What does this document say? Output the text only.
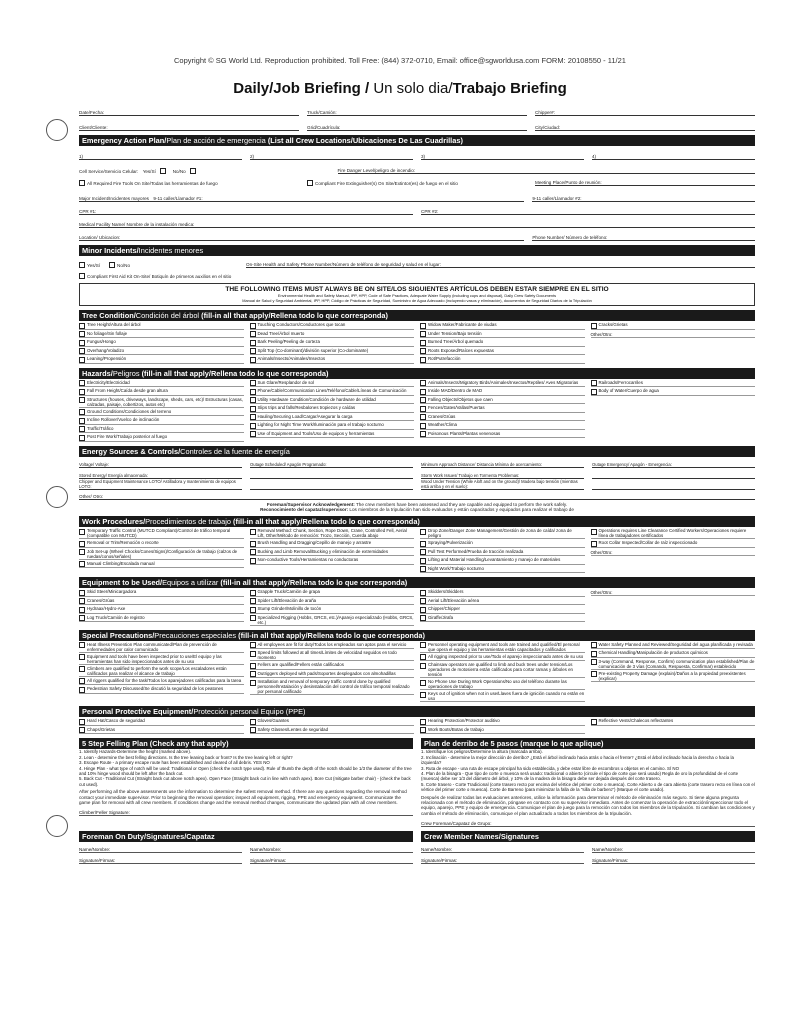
Copyright © SG World Ltd. Reproduction prohibited. Toll Free: (844) 372-0710, Email: office@sgworldusa.com FORM: 20108550 - 11/21
Daily/Job Briefing / Un solo dia/Trabajo Briefing
Date/Fecha:	Truck/Camión:	Chipper#:
Client/Cliente:	Grid/Cuadrícula:	City/Ciudad:
Emergency Action Plan/Plan de acción de emergencia (List all Crew Locations/Ubicaciones De Las Cuadrillas)
1)	2)	3)	4)
Cell Service/Servicio Celular:
Yes/Sí

	No/No
	Fire Danger Level/peligro de incendio:
All Required Fire Tools On Site/Todas las herramientas de fuego	Compliant Fire Extinguisher(s) On Site/Extintor(es) de fuego en el sitio	Meeting Place/Punto de reunión:
Major Incident/Incidentes mayores
9-11 caller/Llamador #1:	9-11 caller/Llamador #2:
CPR #1:	CPR #2:
Medical Facility Name/ Nombre de la instalación medica:
Location/ Ubicacion:	Phone Number/ Número de teléfono:
Minor Incidents/Incidentes menores
Yes/Sí
	No/No	On-Site Health and Safety Phone Number/Número de teléfono de seguridad y salud en el lugar:
Compliant First Aid Kit On-Site/ Botiquín de primeros auxilios en el sitio
THE FOLLOWING ITEMS MUST ALWAYS BE ON SITE/LOS SIGUIENTES ARTÍCULOS DEBEN ESTAR SIEMPRE EN EL SITIO
Environmental Health and Safety Manual, IPP, HPP, Code of Safe Practices, Adequate Water Supply (including cups and disposal), Daily Crew Safety Documents
Manual de Salud y Seguridad Ambiental, IPP, HPP, Código de Prácticas de Seguridad, Suministro de Agua Adecuado (incluyendo vasos y eliminación), documentos de Seguridad Diarios de la Tripulación
Tree Condition/Condición del árbol (fill-in all that apply/Rellena todo lo que corresponda)
Tree Height/Altura del árbol
No foliage/Sin follaje
Fungus/Hongo
Overhang/Voladizo
Leaning/Propensión
Touching Conductors/Conductores que tocan
Dead Tree/Árbol muerto
Bark Peeling/Peeling de corteza
Split Top (Co-dominant)/división superior (Co-dominante)
Animals/Insects/Animales/Insectos
Widow Maker/Fabricante de viudas
Under Tension/Bajo tensión
Burned Tree/Árbol quemado
Roots Exposed/Raíces expuestas
Rot/Putrefacción
Cracks/Grietas
Other/Otro:
Hazards/Peligros (fill-in all that apply/Rellena todo lo que corresponda)
Electricity/Electricidad
Fall From Height/Caída desde gran altura
Structures (houses, driveways, landscape, sheds, cars, etc)/ Estructuras (casas, calzadas, paisaje, cobertizos, autos etc)
Ground Conditions/Condiciones del terreno
Incline Rollover/Vuelco de inclinación
Traffic/Tráfico
Post Fire Work/Trabajo posterior al fuego
Sun Glare/Resplandor de sol
Phone/Cable/Communication Lines/Teléfono/Cable/Líneas de Comunicación
Utility Hardware Condition/Condición de hardware de utilidad
Slips trips and falls/Resbalones tropiezos y caídas
Hauling/Securing Load/Cargar/Asegurar la carga
Lighting for Night Time Work/Iluminación para el trabajo nocturno
Use of Equipment and Tools/Uso de equipos y herramientas
Animals/Insects/Migratory Birds/Animales/Insectos/Reptiles/ Aves Migratorias
Inside MAD/Dentro de MAD
Falling Objects/Objetos que caen
Fences/Gates/Vallas/Puertas
Cranes/Grúas
Weather/Clima
Poisonous Plants/Plantas venenosas
Railroads/Ferrocarriles
Body of Water/Cuerpo de agua
Energy Sources & Controls/Controles de la fuente de energía
Voltage/ Voltaje:	Outage Scheduled/ Apagón Programado:	Minimum Approach Distance/ Distancia Mínima de acercamiento:	Outage Emergency/ Apagón - Emergencia:
Stored Energy/ Energía almacenada:	Storm Work Issues/ Trabajo en Tormenta Problemas:
Chipper and Equipment Maintenance LOTO/ Astilladora y mantenimiento de equipos LOTO:
Wood Under Tension (While Aloft and on the ground)/ Madera bajo tensión (mientras está arriba y en el suelo):
Other/ Otro:
Foreman/Supervisor Acknowledgement: The crew members have been assessed and they are capable and equipped to perform the work safely.
Reconocimiento del capataz/supervisor: Los miembros de la tripulación han sido evaluados y están capacitados y equipados para realizar el trabajo de
Work Procedures/Procedimientos de trabajo (fill-in all that apply/Rellena todo lo que corresponda)
Temporary Traffic Control (MUTCD Compliant)/Control de tráfico temporal (compatible con MUTCD)
Removal or Trim/Remoción o recorte
Job Set-up (Wheel Chocks/Cones/Signs)/Configuración de trabajo (calzos de ruedas/conos/señales)
Manual Climbing/Escalada manual
Removal Method: Chunk, Section, Rope Down, Crane, Controlled Fell, Aerial Lift, Other/Método de remoción: Trozo, Sección, Cuerda abajo
Brush Handling and Dragging/Cepillo de manejo y arrastre
Bucking and Limb Removal/Bucking y eliminación de extremidades
Non-conductive Tools/Herramientas no conductoras
Drop Zone/Danger Zone Management/Gestión de zona de caída/ zona de peligro
Spraying/Pulverización
Pull Test Performed/Prueba de tracción realizada
Lifting and Material Handling/Levantamiento y manejo de materiales
Night Work/Trabajo nocturno
Operations requires Line Clearance Certified Workers/Operaciones requiere línea de trabajadores certificados
Root Collar Inspected/Collar de raíz inspeccionado
Other/Otro:
Equipment to be Used/Equipos a utilizar (fill-in all that apply/Rellena todo lo que corresponda)
Skid Steer/Minicargadora
Cranes/Grúas
Hydraax/Hydro-Axe
Log Truck/Camión de registro
Grapple Truck/Camión de grapa
Spider Lift/Elevación de araña
Stump Grinder/Molinillo de tocón
Specialized Rigging (Hobbs, GRCS, etc.)/Aparejo especializado (Hobbs, GRCS, etc.)
Skidders/Skidders
Aerial Lift/Elevación aérea
Chipper/Chipper
Giraffe/Jirafa
Other/Otro:
Special Precautions/Precauciones especiales (fill-in all that apply/Rellena todo lo que corresponda)
Heat Illness Prevention Plan communicated/Plan de prevención de enfermedades por calor comunicado
Equipment and tools have been inspected prior to use/El equipo y las herramientas han sido inspeccionados antes de su uso
Climbers are qualified to perform the work scope/Los escaladores están calificados para realizar el alcance de trabajo
All riggers qualified for the task/Todos los aparejadores calificados para la tarea
Pedestrian Safety Discussed/Se discutió la seguridad de los peatones
All employees are fit for duty/Todos los empleados son aptos para el servicio
Speed limits followed at all times/Límites de velocidad seguidos en todo momento
Fellers are qualified/Fellers están calificados
Outriggers deployed with pads/Soportes desplegados con almohadillas
Installation and removal of temporary traffic control done by qualified personnel/Instalación y desinstalación del control de tráfico temporal realizado por personal calificado
Personnel operating equipment and tools are trained and qualified/El personal que opera el equipo y las herramientas están capacitados y calificados
All rigging inspected prior to use/Todo el aparejo inspeccionado antes de su uso
Chainsaw operators are qualified to limb and buck trees under tension/Los operadores de motosierra están calificados para cortar ramas y árboles en tensión
No Phone Use During Work Operations/No uso del teléfono durante las operaciones de trabajo
Keys out of ignition when not in use/Llaves fuera de ignición cuando no están en uso
Water Safety Planned and Reviewed/Seguridad del agua planificada y revisada
Chemical Handling/Manipulación de productos químicos
3-way (Command, Response, Confirm) communication plan established/Plan de comunicación de 3 vías (Comando, Respuesta, Confirmar) establecido
Pre-existing Property Damage (explain)/Daños a la propiedad preexistentes (explicar)
Personal Protective Equipment/Protección personal Equipo (PPE)
Hard Hat/Casco de seguridad
Chaps/Grietas
Gloves/Guantes
Safety Glasses/Lentes de seguridad
Hearing Protection/Protector auditivo
Work Boots/Botas de trabajo
Reflective Vests/Chalecos reflectantes
5 Step Felling Plan (Check any that apply)
1. Identify Hazards-Determine the height (marked above).
2. Lean - determine the best felling directions. Is the tree leaning back or front? Is the tree leaning left or right?
3. Escape Route - a primary escape route has been established and cleared of all debris. YES NO
4. Hinge Plan - what type of notch will be used: Traditional or Open (check the notch type used). Rule of thumb the depth of the notch should be 1/3 the diameter of the tree and 10% hinge wood should be left after the back cut.
5. Back Cut - Traditional Cut (Straight back cut above notch apex). Open Face (Straight back cut in line with notch apex). Bore Cut (mitigate barber chair) - (check the back cut used).
After performing all the above assessments use the information to determine the safest removal method. If there are any questions regarding the removal method contact your immediate supervisor. Prior to beginning the removal operation; inspect all equipment, rigging, PPE and emergency equipment. Communicate the game plan for removal with all crew members. If conditions change and the removal method changes, communicate the updated plan with all crew members.
Climber/Feller Signature:
Plan de derribo de 5 pasos (marque lo que aplique)
1. Identifique los peligros/Determine la altura (marcada arriba).
2. Inclinación - determine la mejor dirección de derribo? ¿Está el árbol inclinado hacia atrás o hacia el frente? ¿Está el árbol inclinado hacia la derecha o hacia la izquierda?
3. Ruta de escape - una ruta de escape principal ha sido establecida, y debe estar libre de escombros u objetos en el camino. SÍ NO
4. Plan de la bisagra - Que tipo de corte o muesca será usado: tradicional o abierto (circule el tipo de corte que será usado) Regla de oro la profundidad de el corte (muesca) debe ser 1/3 del diámetro del árbol, y 10% de la madera de la bisagra debe ser dejada después del corte trasero.
5. Corte trasero - Corte Tradicional (corte trasero recto por encima del vértice del primer corte o muesca). Corte Abierto o de cara abierta (corte trasero recto en línea con el vértice del primer corte o muesca). Corte de Barreno (para minimizar la falla de la "silla de barbero") (Marque el corte usado).
Después de realizar todas las evaluaciones anteriores, utilice la información para determinar el método de eliminación más seguro. Si tiene alguna pregunta relacionada con el método de eliminación, póngase en contacto con su supervisor inmediato. Antes de comenzar la operación de extracción/inspeccionar todo el equipo, aparejo, PPE y equipo de emergencia. Comunique el plan de juego para la remoción con todos los miembros de la tripulación. Si cambian las condiciones y cambia el método de eliminación, comunique el plan actualizado a todos los miembros de la tripulación.
Crew Foreman/Capataz de Grupo:
Foreman On Duty/Signatures/Capataz
Name/Nombre:	Name/Nombre:
Signature/Firmas:	Signature/Firmas:
Crew Member Names/Signatures
Name/Nombre:	Name/Nombre:
Signature/Firmas:	Signature/Firmas:
